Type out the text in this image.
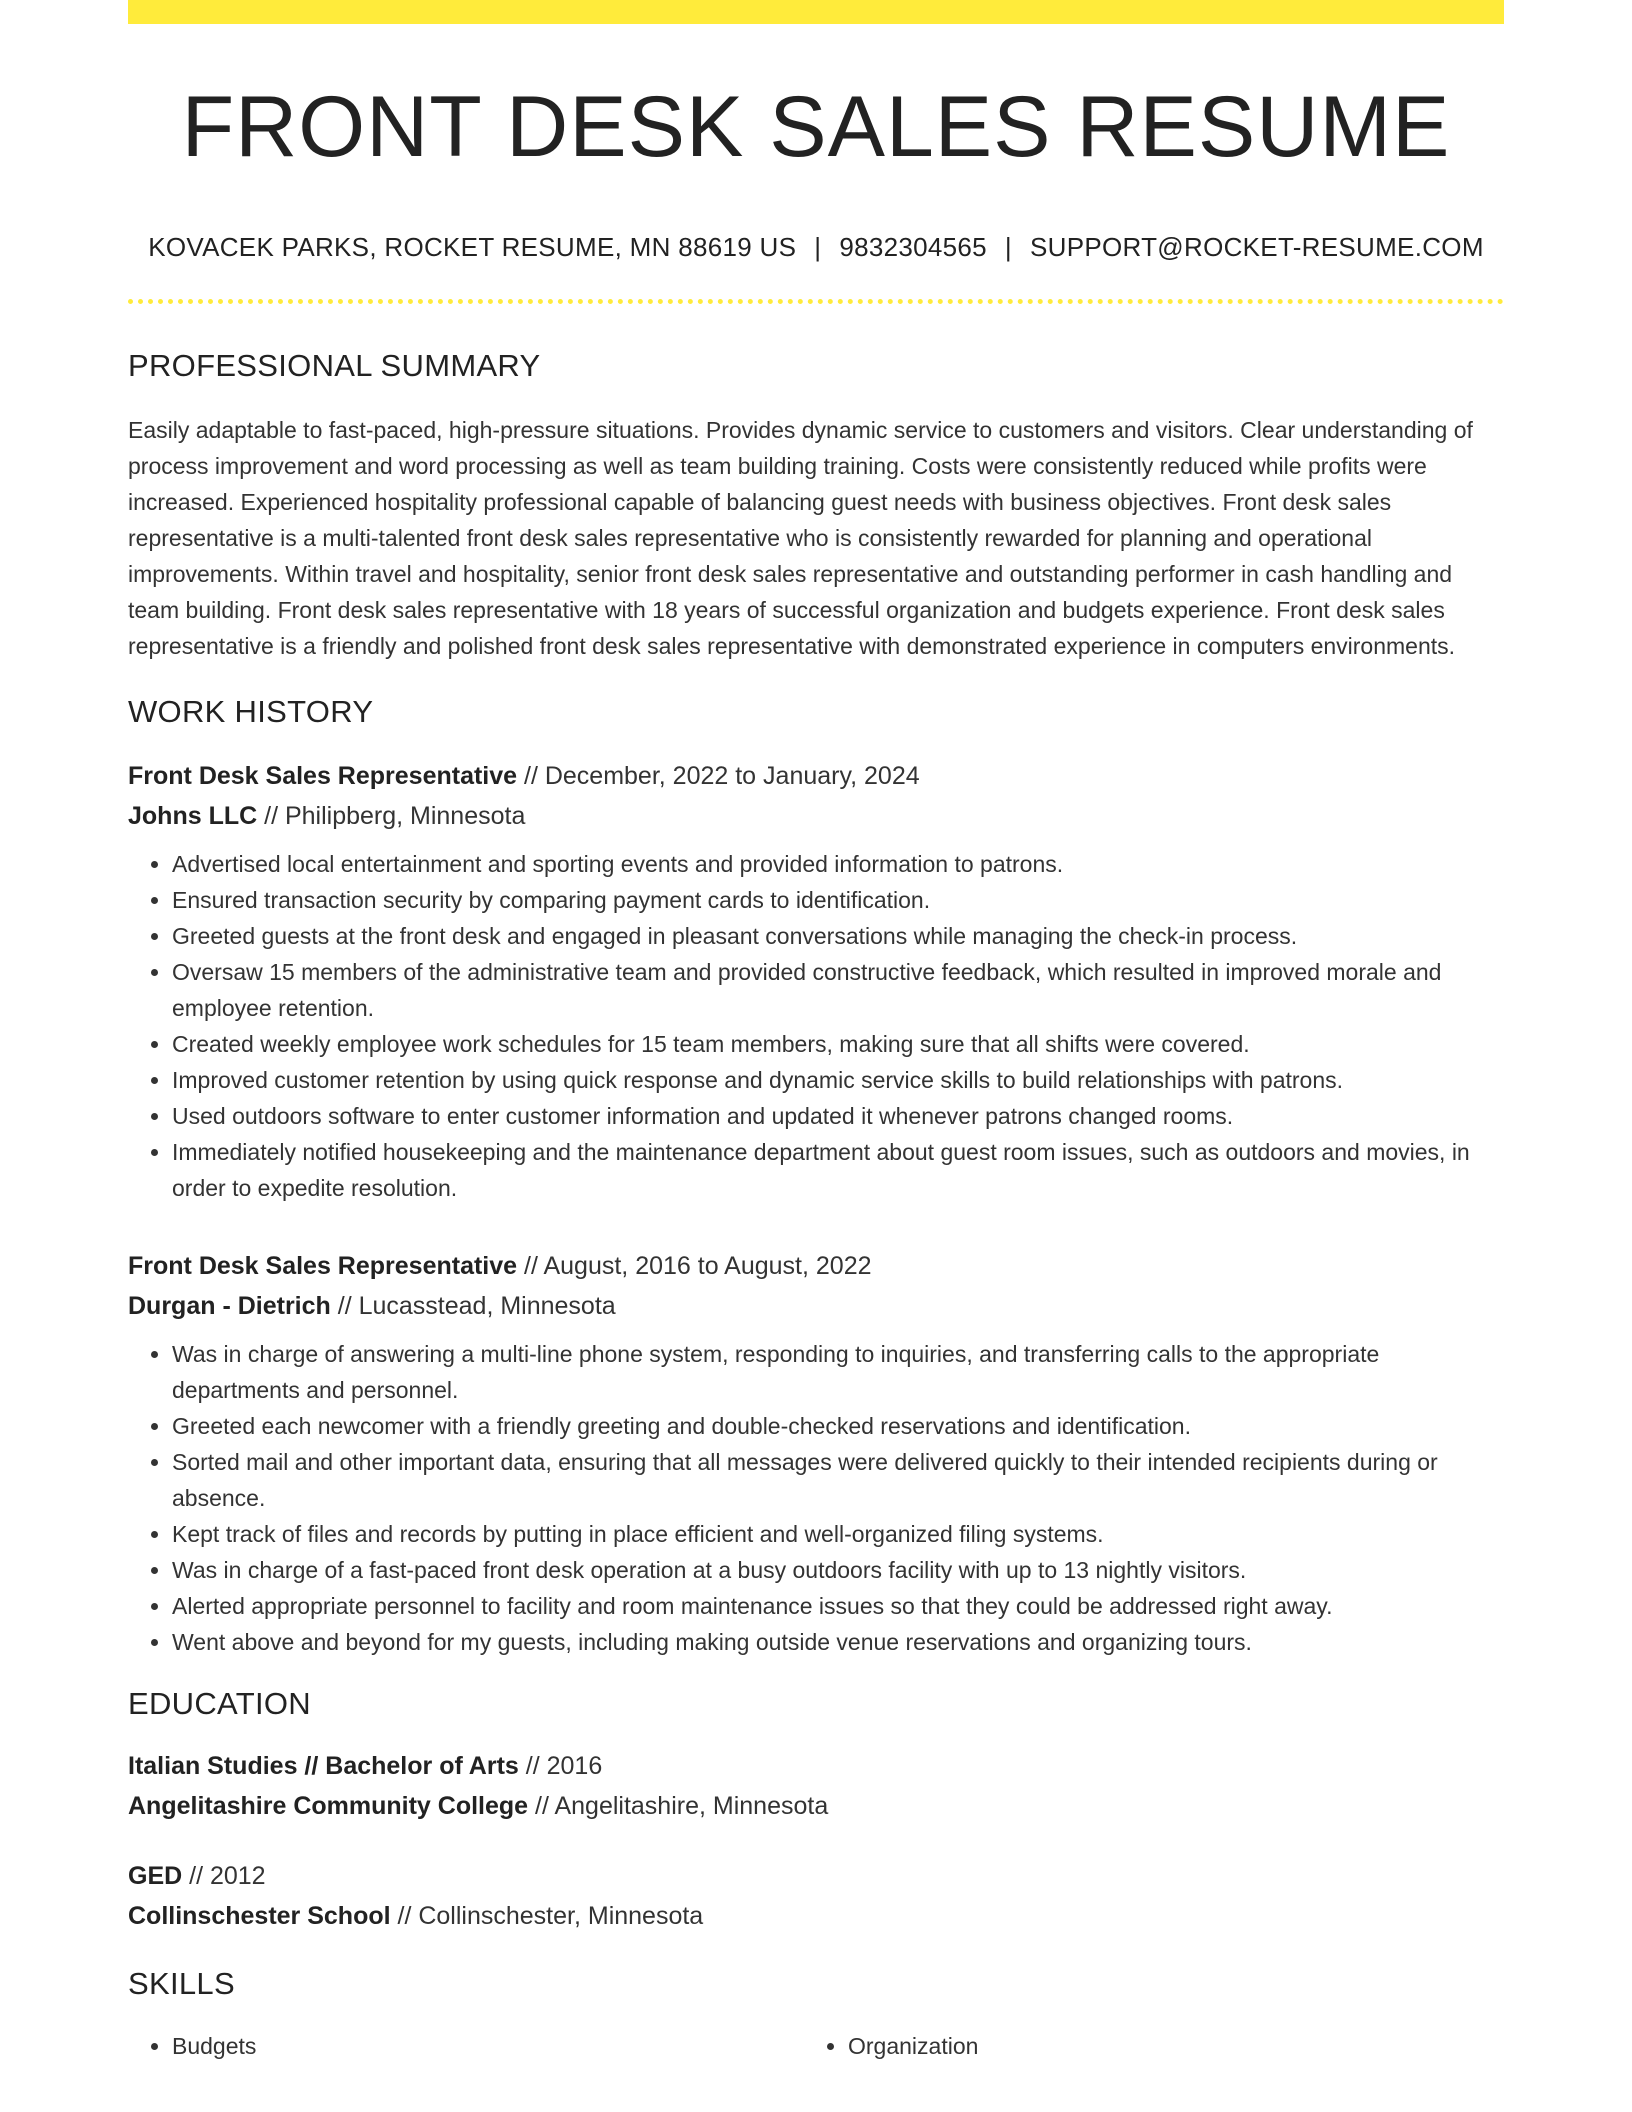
FRONT DESK SALES RESUME
KOVACEK PARKS, ROCKET RESUME, MN 88619 US | 9832304565 | SUPPORT@ROCKET-RESUME.COM
PROFESSIONAL SUMMARY

Easily adaptable to fast-paced, high-pressure situations. Provides dynamic service to customers and visitors. Clear understanding of process improvement and word processing as well as team building training. Costs were consistently reduced while profits were increased. Experienced hospitality professional capable of balancing guest needs with business objectives. Front desk sales representative is a multi-talented front desk sales representative who is consistently rewarded for planning and operational improvements. Within travel and hospitality, senior front desk sales representative and outstanding performer in cash handling and team building. Front desk sales representative with 18 years of successful organization and budgets experience. Front desk sales representative is a friendly and polished front desk sales representative with demonstrated experience in computers environments.

WORK HISTORY
Front Desk Sales Representative // December, 2022 to January, 2024
Johns LLC // Philipberg, Minnesota
• Advertised local entertainment and sporting events and provided information to patrons.
• Ensured transaction security by comparing payment cards to identification.
• Greeted guests at the front desk and engaged in pleasant conversations while managing the check-in process.
• Oversaw 15 members of the administrative team and provided constructive feedback, which resulted in improved morale and employee retention.
• Created weekly employee work schedules for 15 team members, making sure that all shifts were covered.
• Improved customer retention by using quick response and dynamic service skills to build relationships with patrons.
• Used outdoors software to enter customer information and updated it whenever patrons changed rooms.
• Immediately notified housekeeping and the maintenance department about guest room issues, such as outdoors and movies, in order to expedite resolution.
Front Desk Sales Representative // August, 2016 to August, 2022
Durgan - Dietrich // Lucasstead, Minnesota
• Was in charge of answering a multi-line phone system, responding to inquiries, and transferring calls to the appropriate departments and personnel.
• Greeted each newcomer with a friendly greeting and double-checked reservations and identification.
• Sorted mail and other important data, ensuring that all messages were delivered quickly to their intended recipients during or absence.
• Kept track of files and records by putting in place efficient and well-organized filing systems.
• Was in charge of a fast-paced front desk operation at a busy outdoors facility with up to 13 nightly visitors.
• Alerted appropriate personnel to facility and room maintenance issues so that they could be addressed right away.
• Went above and beyond for my guests, including making outside venue reservations and organizing tours.
EDUCATION
Italian Studies // Bachelor of Arts // 2016
Angelitashire Community College // Angelitashire, Minnesota
GED // 2012
Collinschester School // Collinschester, Minnesota
SKILLS
• Budgets
•	Organization
